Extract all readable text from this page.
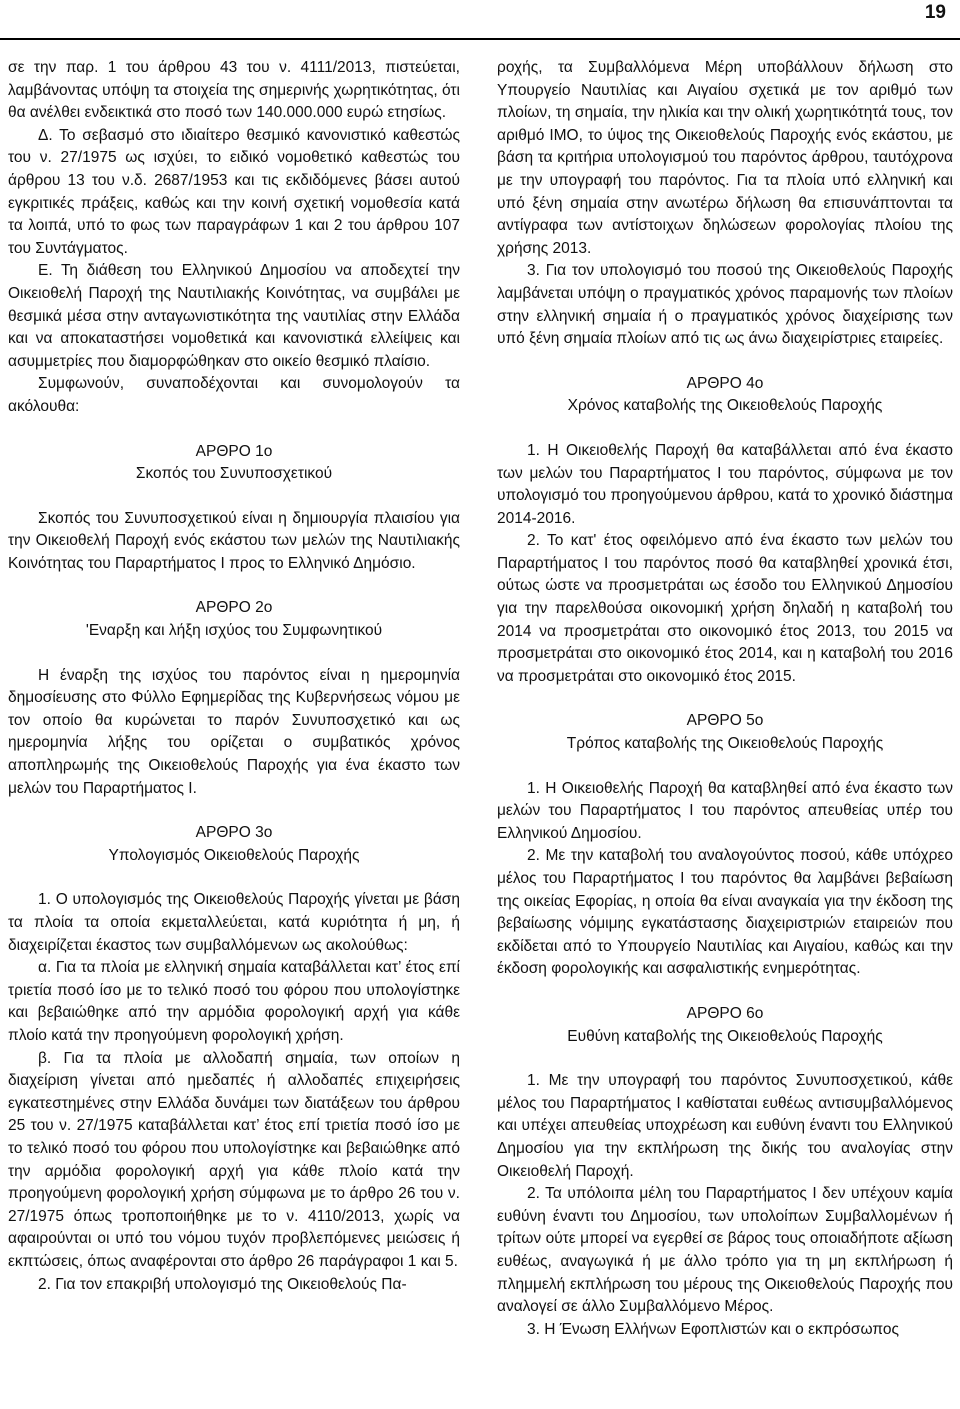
19

σε την παρ. 1 του άρθρου 43 του ν. 4111/2013, πιστεύεται, λαμβάνοντας υπόψη τα στοιχεία της σημερινής χωρητικότητας, ότι θα ανέλθει ενδεικτικά στο ποσό των 140.000.000 ευρώ ετησίως.

Δ. Το σεβασμό στο ιδιαίτερο θεσμικό κανονιστικό καθεστώς του ν. 27/1975 ως ισχύει, το ειδικό νομοθετικό καθεστώς του άρθρου 13 του ν.δ. 2687/1953 και τις εκδιδόμενες βάσει αυτού εγκριτικές πράξεις, καθώς και την κοινή σχετική νομοθεσία κατά τα λοιπά, υπό το φως των παραγράφων 1 και 2 του άρθρου 107 του Συντάγματος.

Ε. Τη διάθεση του Ελληνικού Δημοσίου να αποδεχτεί την Οικειοθελή Παροχή της Ναυτιλιακής Κοινότητας, να συμβάλει με θεσμικά μέσα στην ανταγωνιστικότητα της ναυτιλίας στην Ελλάδα και να αποκαταστήσει νομοθετικά και κανονιστικά ελλείψεις και ασυμμετρίες που διαμορφώθηκαν στο οικείο θεσμικό πλαίσιο.

Συμφωνούν, συναποδέχονται και συνομολογούν τα ακόλουθα:

ΑΡΘΡΟ 1ο

Σκοπός του Συνυποσχετικού

Σκοπός του Συνυποσχετικού είναι η δημιουργία πλαισίου για την Οικειοθελή Παροχή ενός εκάστου των μελών της Ναυτιλιακής Κοινότητας του Παραρτήματος Ι προς το Ελληνικό Δημόσιο.

ΑΡΘΡΟ 2ο

'Εναρξη και λήξη ισχύος του Συμφωνητικού

Η έναρξη της ισχύος του παρόντος είναι η ημερομηνία δημοσίευσης στο Φύλλο Εφημερίδας της Κυβερνήσεως νόμου με τον οποίο θα κυρώνεται το παρόν Συνυποσχετικό και ως ημερομηνία λήξης του ορίζεται ο συμβατικός χρόνος αποπληρωμής της Οικειοθελούς Παροχής για ένα έκαστο των μελών του Παραρτήματος Ι.

ΑΡΘΡΟ 3ο

Υπολογισμός Οικειοθελούς Παροχής

1. Ο υπολογισμός της Οικειοθελούς Παροχής γίνεται με βάση τα πλοία τα οποία εκμεταλλεύεται, κατά κυριότητα ή μη, ή διαχειρίζεται έκαστος των συμβαλλόμενων ως ακολούθως:

α. Για τα πλοία με ελληνική σημαία καταβάλλεται κατ’ έτος επί τριετία ποσό ίσο με το τελικό ποσό του φόρου που υπολογίστηκε και βεβαιώθηκε από την αρμόδια φορολογική αρχή για κάθε πλοίο κατά την προηγούμενη φορολογική χρήση.

β. Για τα πλοία με αλλοδαπή σημαία, των οποίων η διαχείριση γίνεται από ημεδαπές ή αλλοδαπές επιχειρήσεις εγκατεστημένες στην Ελλάδα δυνάμει των διατάξεων του άρθρου 25 του ν. 27/1975 καταβάλλεται κατ’ έτος επί τριετία ποσό ίσο με το τελικό ποσό του φόρου που υπολογίστηκε και βεβαιώθηκε από την αρμόδια φορολογική αρχή για κάθε πλοίο κατά την προηγούμενη φορολογική χρήση σύμφωνα με το άρθρο 26 του ν. 27/1975 όπως τροποποιήθηκε με το ν. 4110/2013, χωρίς να αφαιρούνται οι υπό του νόμου τυχόν προβλεπόμενες μειώσεις ή εκπτώσεις, όπως αναφέρονται στο άρθρο 26 παράγραφοι 1 και 5.

2. Για τον επακριβή υπολογισμό της Οικειοθελούς Πα-

ροχής, τα Συμβαλλόμενα Μέρη υποβάλλουν δήλωση στο Υπουργείο Ναυτιλίας και Αιγαίου σχετικά με τον αριθμό των πλοίων, τη σημαία, την ηλικία και την ολική χωρητικότητά τους, τον αριθμό ΙΜΟ, το ύψος της Οικειοθελούς Παροχής ενός εκάστου, με βάση τα κριτήρια υπολογισμού του παρόντος άρθρου, ταυτόχρονα με την υπογραφή του παρόντος. Για τα πλοία υπό ελληνική και υπό ξένη σημαία στην ανωτέρω δήλωση θα επισυνάπτονται τα αντίγραφα των αντίστοιχων δηλώσεων φορολογίας πλοίου της χρήσης 2013.

3. Για τον υπολογισμό του ποσού της Οικειοθελούς Παροχής λαμβάνεται υπόψη ο πραγματικός χρόνος παραμονής των πλοίων στην ελληνική σημαία ή ο πραγματικός χρόνος διαχείρισης των υπό ξένη σημαία πλοίων από τις ως άνω διαχειρίστριες εταιρείες.

ΑΡΘΡΟ 4ο

Χρόνος καταβολής της Οικειοθελούς Παροχής

1. Η Οικειοθελής Παροχή θα καταβάλλεται από ένα έκαστο των μελών του Παραρτήματος Ι του παρόντος, σύμφωνα με τον υπολογισμό του προηγούμενου άρθρου, κατά το χρονικό διάστημα 2014-2016.

2. Το κατ' έτος οφειλόμενο από ένα έκαστο των μελών του Παραρτήματος Ι του παρόντος ποσό θα καταβληθεί χρονικά έτσι, ούτως ώστε να προσμετράται ως έσοδο του Ελληνικού Δημοσίου για την παρελθούσα οικονομική χρήση δηλαδή η καταβολή του 2014 να προσμετράται στο οικονομικό έτος 2013, του 2015 να προσμετράται στο οικονομικό έτος 2014, και η καταβολή του 2016 να προσμετράται στο οικονομικό έτος 2015.

ΑΡΘΡΟ 5ο

Τρόπος καταβολής της Οικειοθελούς Παροχής

1. Η Οικειοθελής Παροχή θα καταβληθεί από ένα έκαστο των μελών του Παραρτήματος Ι του παρόντος απευθείας υπέρ του Ελληνικού Δημοσίου.

2. Με την καταβολή του αναλογούντος ποσού, κάθε υπόχρεο μέλος του Παραρτήματος Ι του παρόντος θα λαμβάνει βεβαίωση της οικείας Εφορίας, η οποία θα είναι αναγκαία για την έκδοση της βεβαίωσης νόμιμης εγκατάστασης διαχειριστριών εταιρειών που εκδίδεται από το Υπουργείο Ναυτιλίας και Αιγαίου, καθώς και την έκδοση φορολογικής και ασφαλιστικής ενημερότητας.

ΑΡΘΡΟ 6ο

Ευθύνη καταβολής της Οικειοθελούς Παροχής

1. Με την υπογραφή του παρόντος Συνυποσχετικού, κάθε μέλος του Παραρτήματος Ι καθίσταται ευθέως αντισυμβαλλόμενος και υπέχει απευθείας υποχρέωση και ευθύνη έναντι του Ελληνικού Δημοσίου για την εκπλήρωση της δικής του αναλογίας στην Οικειοθελή Παροχή.

2. Τα υπόλοιπα μέλη του Παραρτήματος Ι δεν υπέχουν καμία ευθύνη έναντι του Δημοσίου, των υπολοίπων Συμβαλλομένων ή τρίτων ούτε μπορεί να εγερθεί σε βάρος τους οποιαδήποτε αξίωση ευθέως, αναγωγικά ή με άλλο τρόπο για τη μη εκπλήρωση ή πλημμελή εκπλήρωση του μέρους της Οικειοθελούς Παροχής που αναλογεί σε άλλο Συμβαλλόμενο Μέρος.

3. Η Ένωση Ελλήνων Εφοπλιστών και ο εκπρόσωπος
